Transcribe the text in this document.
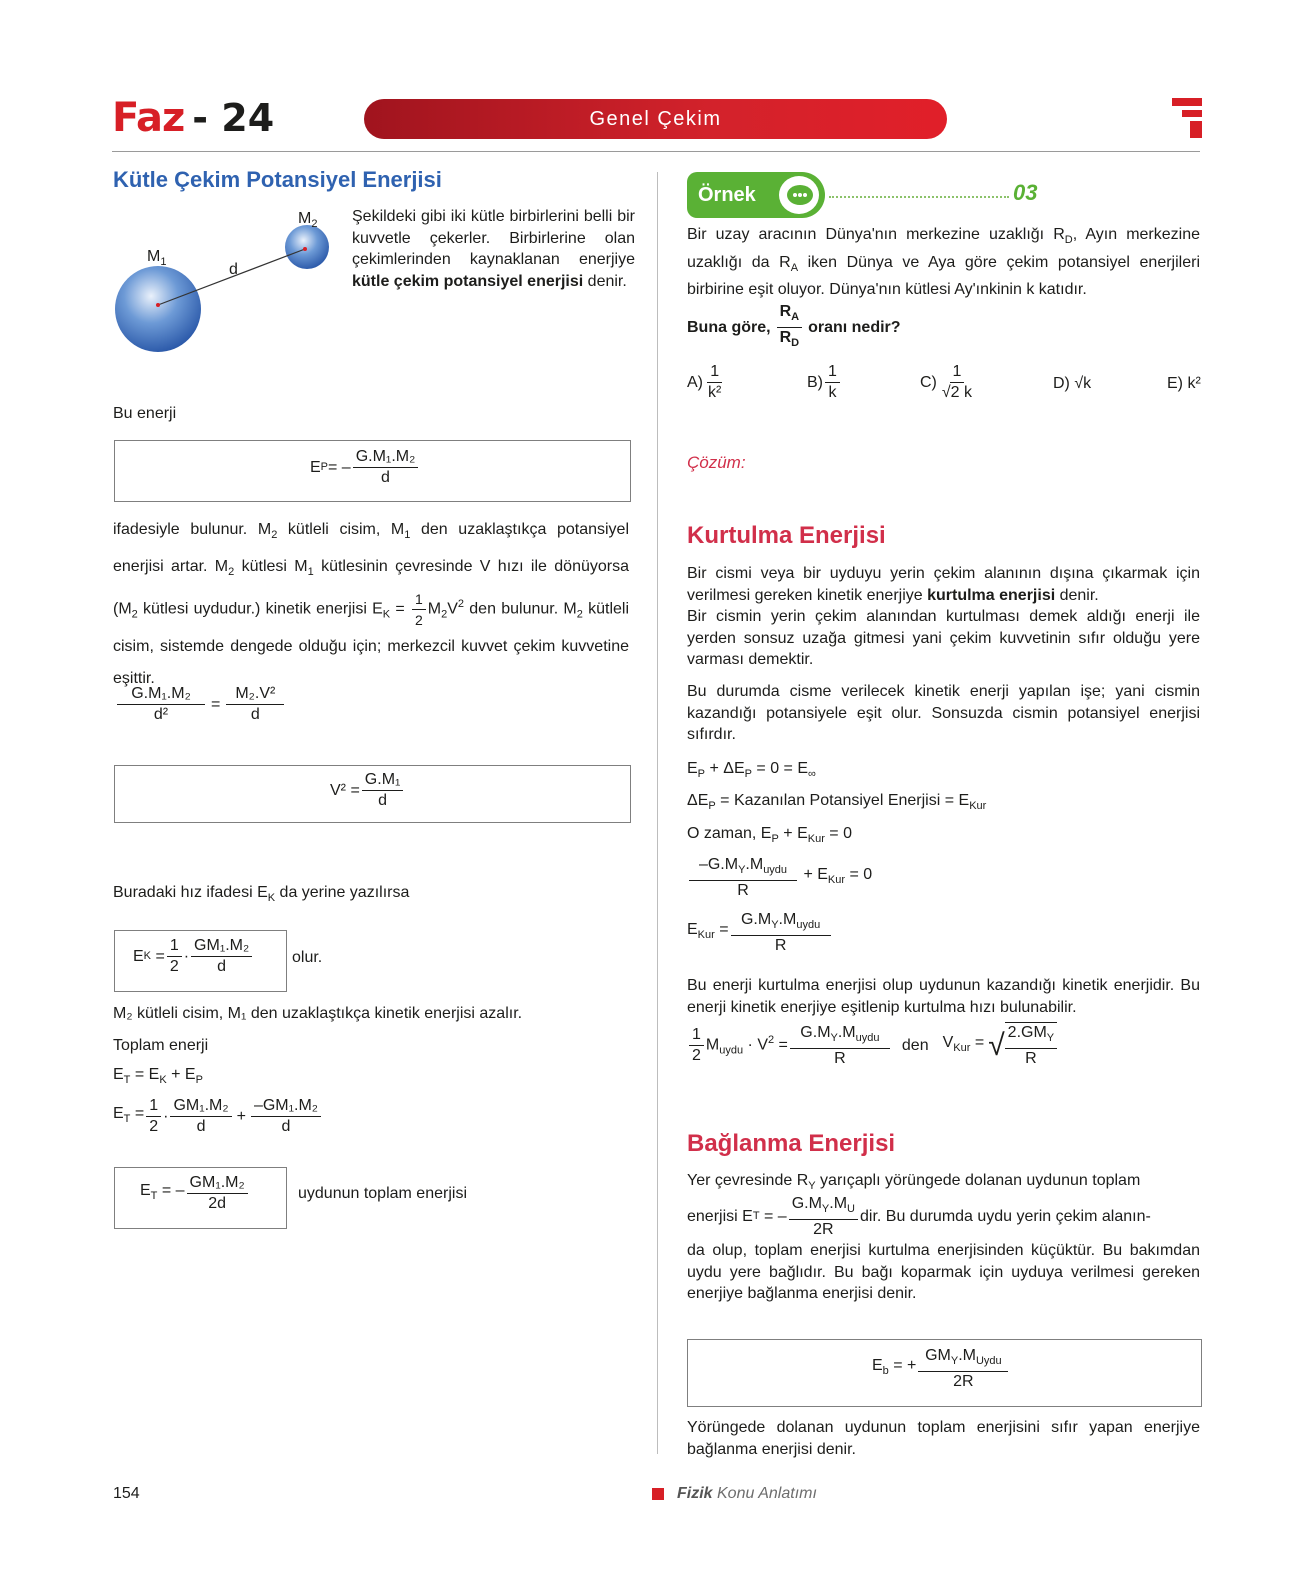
Faz - 24	Genel Çekim
Kütle Çekim Potansiyel Enerjisi
$M_1$
$M_2$
d
Şekildeki gibi iki kütle birbirlerini belli bir kuvvetle çekerler. Birbirlerine olan çekimlerinden kaynaklanan enerjiye kütle çekim potansiyel enerjisi denir.
Bu enerji
E P = – $\frac{\text{G.M₁.M₂}}{d}$
ifadesiyle bulunur. $M_2$ kütleli cisim, $M_1$ den uzaklaştıkça potansiyel enerjisi artar. $M_2$ kütlesi $M_1$ kütlesinin çevresinde V hızı ile dönüyorsa ($M_2$ kütlesi uydudur.) kinetik enerjisi $E_K = \frac{1}{2} M_2V^2$ den bulunur. $M_2$ kütleli cisim, sistemde dengede olduğu için; merkezcil kuvvet çekim kuvvetine eşittir.
$\frac{\text{G.M₁.M₂}}{\text{d²}} = \frac{\text{M₂.V²}}{d}$
$V^2 = \frac{\text{G.M₁}}{d}$
Buradaki hız ifadesi $E_K$ da yerine yazılırsa
E $K = \frac{1}{2} \cdot \frac{\text{GM₁.M₂}}{d}$ olur.
M₂ kütleli cisim, M₁ den uzaklaştıkça kinetik enerjisi azalır.
Toplam enerji
$E_T = E_K + E_P$
$E_T = \frac{1}{2} \cdot \frac{\text{GM₁.M₂}}{d} + \frac{\text{–GM₁.M₂}}{d}$
$E_T$ = – $\frac{\text{GM₁.M₂}}{2d}$	uydunun toplam enerjisi
154
Örnek	03
Bir uzay aracının Dünya'nın merkezine uzaklığı $R_D$, Ayın merkezine uzaklığı da $R_A$ iken Dünya ve Aya göre çekim potansiyel enerjileri birbirine eşit oluyor. Dünya'nın kütlesi Ay'ınkinin k katıdır.
Buna göre, $\frac{R_A}{R_D}$ oranı nedir?
$A) \frac{1}{\text{k²}}$	$B) \frac{1}{k}$	$C) \frac{1}{√2 k}$	D) √k	E) k²
Çözüm:
Kurtulma Enerjisi
Bir cismi veya bir uyduyu yerin çekim alanının dışına çıkarmak için verilmesi gereken kinetik enerjiye kurtulma enerjisi denir.
Bir cismin yerin çekim alanından kurtulması demek aldığı enerji ile yerden sonsuz uzağa gitmesi yani çekim kuvvetinin sıfır olduğu yere varması demektir.
Bu durumda cisme verilecek kinetik enerji yapılan işe; yani cismin kazandığı potansiyele eşit olur. Sonsuzda cismin potansiyel enerjisi sıfırdır.
$E_P + \Delta E_P = 0 = E_\infty$
$\Delta E_P$ = Kazanılan Potansiyel Enerjisi = $E_{Kur}$
O zaman, $E_P + E_{Kur} = 0$
$\frac{-G.M_Y.M_{uydu}}{R} + E_{Kur} = 0$
$E_{Kur} = \frac{G.M_Y.M_{uydu}}{R}$
Bu enerji kurtulma enerjisi olup uydunun kazandığı kinetik enerjidir. Bu enerji kinetik enerjiye eşitlenip kurtulma hızı bulunabilir.
$\frac{1}{2} M_{uydu} \cdot V^2 = \frac{G.M_Y.M_{uydu}}{R}$ den $V_{Kur}$ = √ $\frac{2.GM_Y}{R}$
Bağlanma Enerjisi
Yer çevresinde $R_Y$ yarıçaplı yörüngede dolanan uydunun toplam
enerjisi E T = – $\frac{G.M_Y.M_U}{2R}$ dir. Bu durumda uydu yerin çekim alanın-
da olup, toplam enerjisi kurtulma enerjisinden küçüktür. Bu bakımdan uydu yere bağlıdır. Bu bağı koparmak için uyduya verilmesi gereken enerjiye bağlanma enerjisi denir.
$E_b$ = + $\frac{GM_Y.M_{Uydu}}{2R}$
Yörüngede dolanan uydunun toplam enerjisini sıfır yapan enerjiye bağlanma enerjisi denir.
Fizik Konu Anlatımı
